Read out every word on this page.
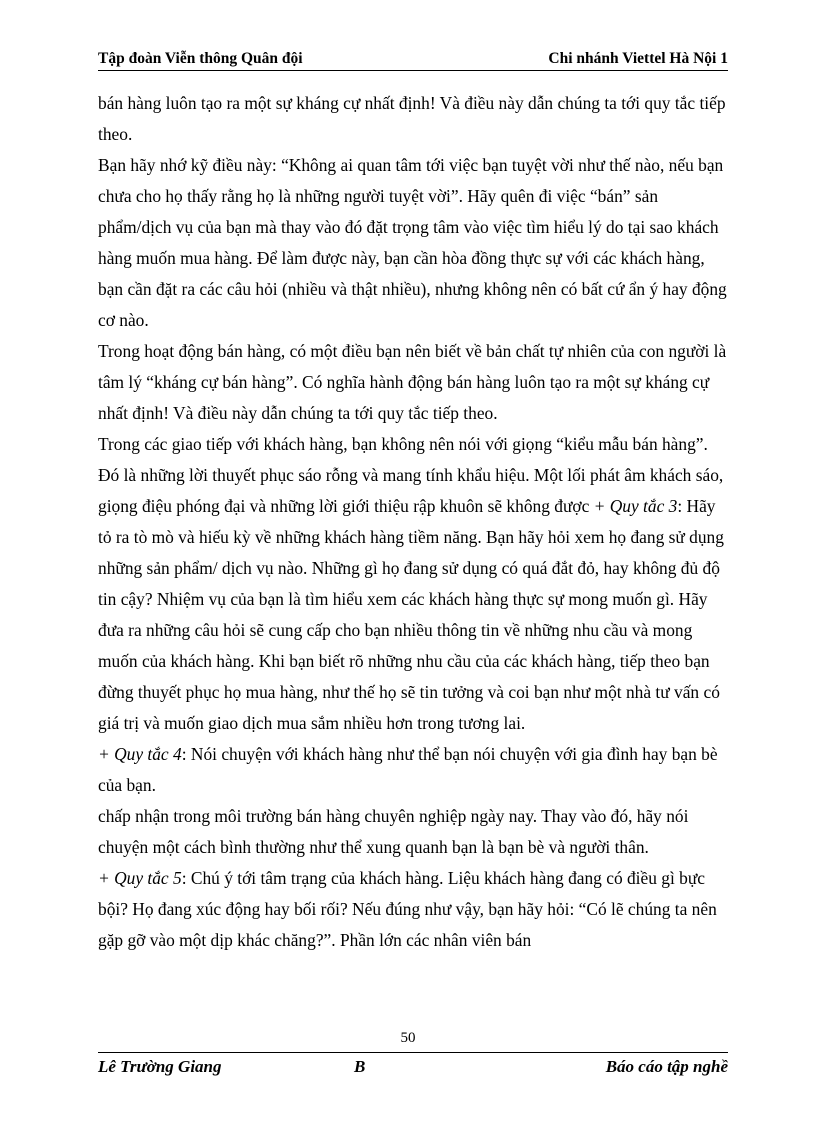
Tập đoàn Viễn thông Quân đội	Chi nhánh Viettel Hà Nội 1

bán hàng luôn tạo ra một sự kháng cự nhất định! Và điều này dẫn chúng ta tới quy tắc tiếp theo.

Bạn hãy nhớ kỹ điều này: “Không ai quan tâm tới việc bạn tuyệt vời như thế nào, nếu bạn chưa cho họ thấy rằng họ là những người tuyệt vời”. Hãy quên đi việc “bán” sản phẩm/dịch vụ của bạn mà thay vào đó đặt trọng tâm vào việc tìm hiểu lý do tại sao khách hàng muốn mua hàng. Để làm được này, bạn cần hòa đồng thực sự với các khách hàng, bạn cần đặt ra các câu hỏi (nhiều và thật nhiều), nhưng không nên có bất cứ ẩn ý hay động cơ nào.

Trong hoạt động bán hàng, có một điều bạn nên biết về bản chất tự nhiên của con người là tâm lý “kháng cự bán hàng”. Có nghĩa hành động bán hàng luôn tạo ra một sự kháng cự nhất định! Và điều này dẫn chúng ta tới quy tắc tiếp theo.

Trong các giao tiếp với khách hàng, bạn không nên nói với giọng “kiểu mẫu bán hàng”. Đó là những lời thuyết phục sáo rỗng và mang tính khẩu hiệu. Một lối phát âm khách sáo, giọng điệu phóng đại và những lời giới thiệu rập khuôn sẽ không được + Quy tắc 3: Hãy tỏ ra tò mò và hiếu kỳ về những khách hàng tiềm năng. Bạn hãy hỏi xem họ đang sử dụng những sản phẩm/ dịch vụ nào. Những gì họ đang sử dụng có quá đắt đỏ, hay không đủ độ tin cậy? Nhiệm vụ của bạn là tìm hiểu xem các khách hàng thực sự mong muốn gì. Hãy đưa ra những câu hỏi sẽ cung cấp cho bạn nhiều thông tin về những nhu cầu và mong muốn của khách hàng. Khi bạn biết rõ những nhu cầu của các khách hàng, tiếp theo bạn đừng thuyết phục họ mua hàng, như thế họ sẽ tin tưởng và coi bạn như một nhà tư vấn có giá trị và muốn giao dịch mua sắm nhiều hơn trong tương lai.

+ Quy tắc 4: Nói chuyện với khách hàng như thể bạn nói chuyện với gia đình hay bạn bè của bạn.

chấp nhận trong môi trường bán hàng chuyên nghiệp ngày nay. Thay vào đó, hãy nói chuyện một cách bình thường như thể xung quanh bạn là bạn bè và người thân.

+ Quy tắc 5: Chú ý tới tâm trạng của khách hàng. Liệu khách hàng đang có điều gì bực bội? Họ đang xúc động hay bối rối? Nếu đúng như vậy, bạn hãy hỏi: “Có lẽ chúng ta nên gặp gỡ vào một dịp khác chăng?”. Phần lớn các nhân viên bán

50
Lê Trường Giang	B	Báo cáo tập nghề
